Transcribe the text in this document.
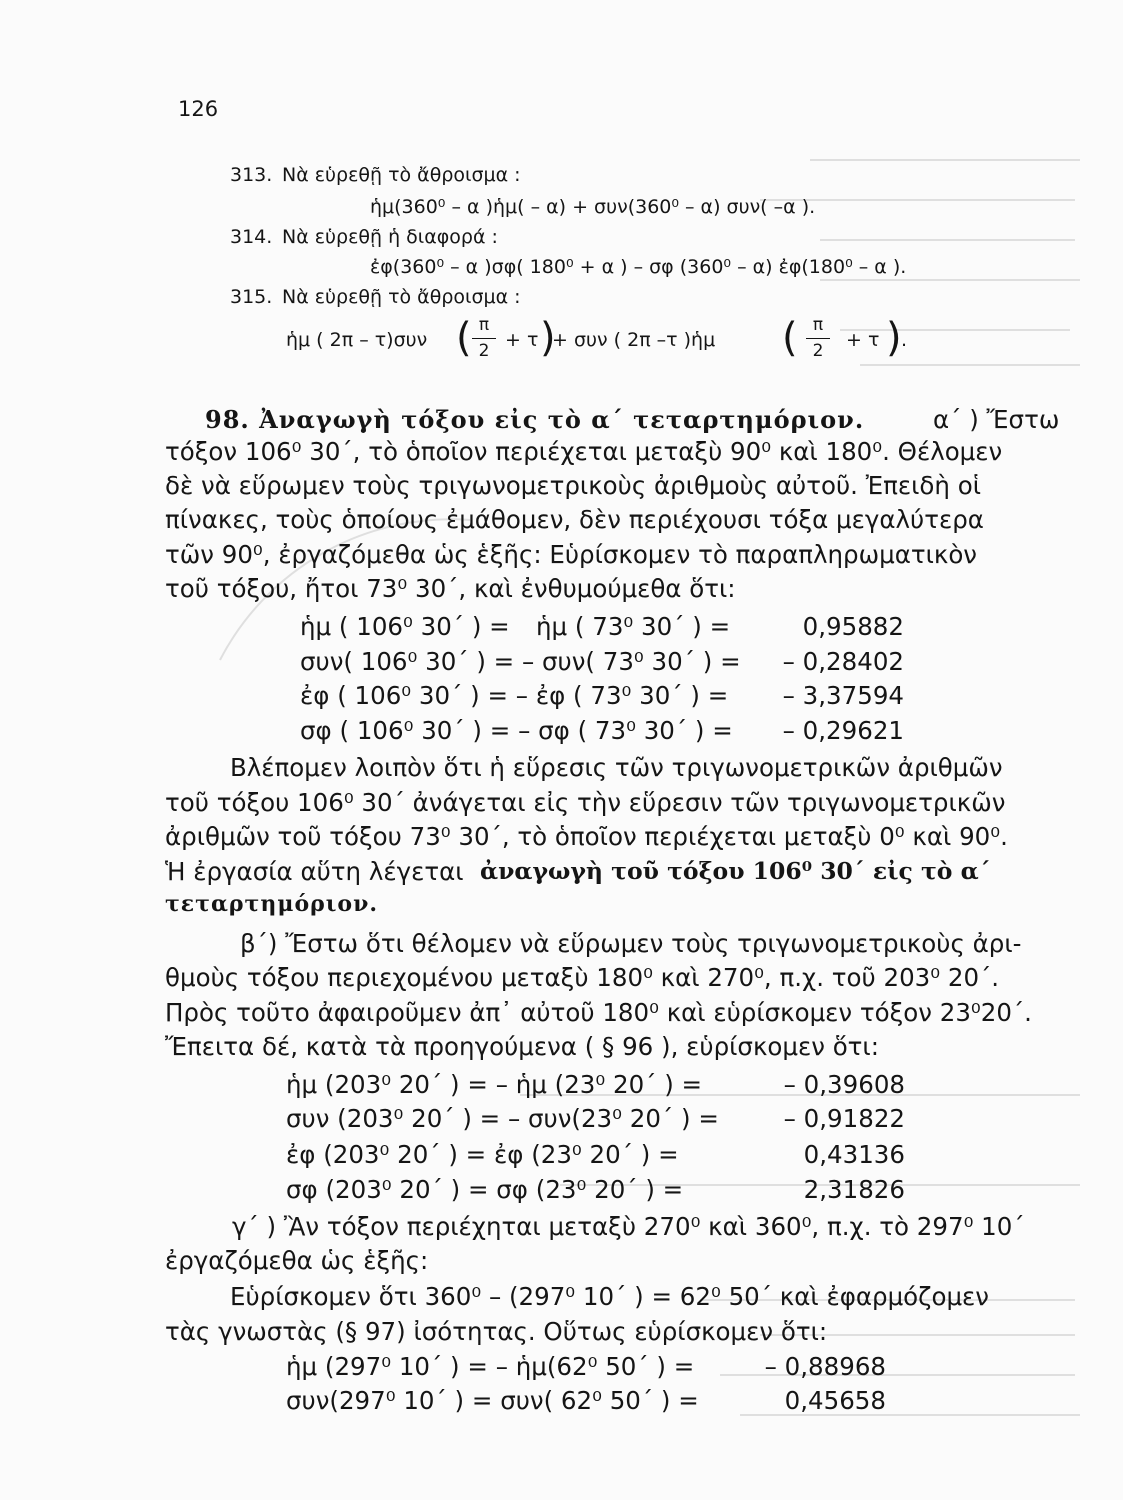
126
313. Νὰ εὑρεθῇ τὸ ἄθροισμα :
ἡμ(360⁰ – α )ἡμ( – α) + συν(360⁰ – α) συν( –α ).
314. Νὰ εὑρεθῇ ἡ διαφορά :
ἐφ(360⁰ – α )σφ( 180⁰ + α ) – σφ (360⁰ – α) ἐφ(180⁰ – α ).
315. Νὰ εὑρεθῇ τὸ ἄθροισμα :
ἡμ ( 2π – τ)συν ( π
2 + τ )
+ συν ( 2π –τ )ἡμ ( π
2	+ τ ) .
98. Ἀναγωγὴ τόξου εἰς τὸ α΄ τεταρτημόριον.	α΄ ) Ἔστω
τόξον 106⁰ 30΄, τὸ ὁποῖον περιέχεται μεταξὺ 90⁰ καὶ 180⁰. Θέλομεν
δὲ νὰ εὕρωμεν τοὺς τριγωνομετρικοὺς ἀριθμοὺς αὐτοῦ. Ἐπειδὴ οἱ
πίνακες, τοὺς ὁποίους ἐμάθομεν, δὲν περιέχουσι τόξα μεγαλύτερα
τῶν 90⁰, ἐργαζόμεθα ὡς ἑξῆς: Εὑρίσκομεν τὸ παραπληρωματικὸν
τοῦ τόξου, ἤτοι 73⁰ 30΄, καὶ ἐνθυμούμεθα ὅτι:
ἡμ ( 106⁰ 30΄ ) = ἡμ ( 73⁰ 30΄ ) =	0,95882
συν( 106⁰ 30΄ ) = – συν( 73⁰ 30΄ ) =	– 0,28402
ἐφ ( 106⁰ 30΄ ) = – ἐφ ( 73⁰ 30΄ ) =	– 3,37594
σφ ( 106⁰ 30΄ ) = – σφ ( 73⁰ 30΄ ) =	– 0,29621
Βλέπομεν λοιπὸν ὅτι ἡ εὕρεσις τῶν τριγωνομετρικῶν ἀριθμῶν
τοῦ τόξου 106⁰ 30΄ ἀνάγεται εἰς τὴν εὕρεσιν τῶν τριγωνομετρικῶν
ἀριθμῶν τοῦ τόξου 73⁰ 30΄, τὸ ὁποῖον περιέχεται μεταξὺ 0⁰ καὶ 90⁰.
Ἡ ἐργασία αὕτη λέγεται ἀναγωγὴ τοῦ τόξου 106⁰ 30΄ εἰς τὸ α΄
τεταρτημόριον.
β΄) Ἔστω ὅτι θέλομεν νὰ εὕρωμεν τοὺς τριγωνομετρικοὺς ἀρι-
θμοὺς τόξου περιεχομένου μεταξὺ 180⁰ καὶ 270⁰, π.χ. τοῦ 203⁰ 20΄.
Πρὸς τοῦτο ἀφαιροῦμεν ἀπ᾽ αὐτοῦ 180⁰ καὶ εὑρίσκομεν τόξον 23⁰20΄.
Ἔπειτα δέ, κατὰ τὰ προηγούμενα ( § 96 ), εὑρίσκομεν ὅτι:
ἡμ (203⁰ 20΄ ) = – ἡμ (23⁰ 20΄ ) =	– 0,39608
συν (203⁰ 20΄ ) = – συν(23⁰ 20΄ ) =	– 0,91822
ἐφ (203⁰ 20΄ ) = ἐφ (23⁰ 20΄ ) =	0,43136
σφ (203⁰ 20΄ ) = σφ (23⁰ 20΄ ) =	2,31826
γ΄ ) Ἂν τόξον περιέχηται μεταξὺ 270⁰ καὶ 360⁰, π.χ. τὸ 297⁰ 10΄
ἐργαζόμεθα ὡς ἑξῆς:
Εὑρίσκομεν ὅτι 360⁰ – (297⁰ 10΄ ) = 62⁰ 50΄ καὶ ἐφαρμόζομεν
τὰς γνωστὰς (§ 97) ἰσότητας. Οὕτως εὑρίσκομεν ὅτι:
ἡμ (297⁰ 10΄ ) = – ἡμ(62⁰ 50΄ ) =	– 0,88968
συν(297⁰ 10΄ ) = συν( 62⁰ 50΄ ) =	0,45658
